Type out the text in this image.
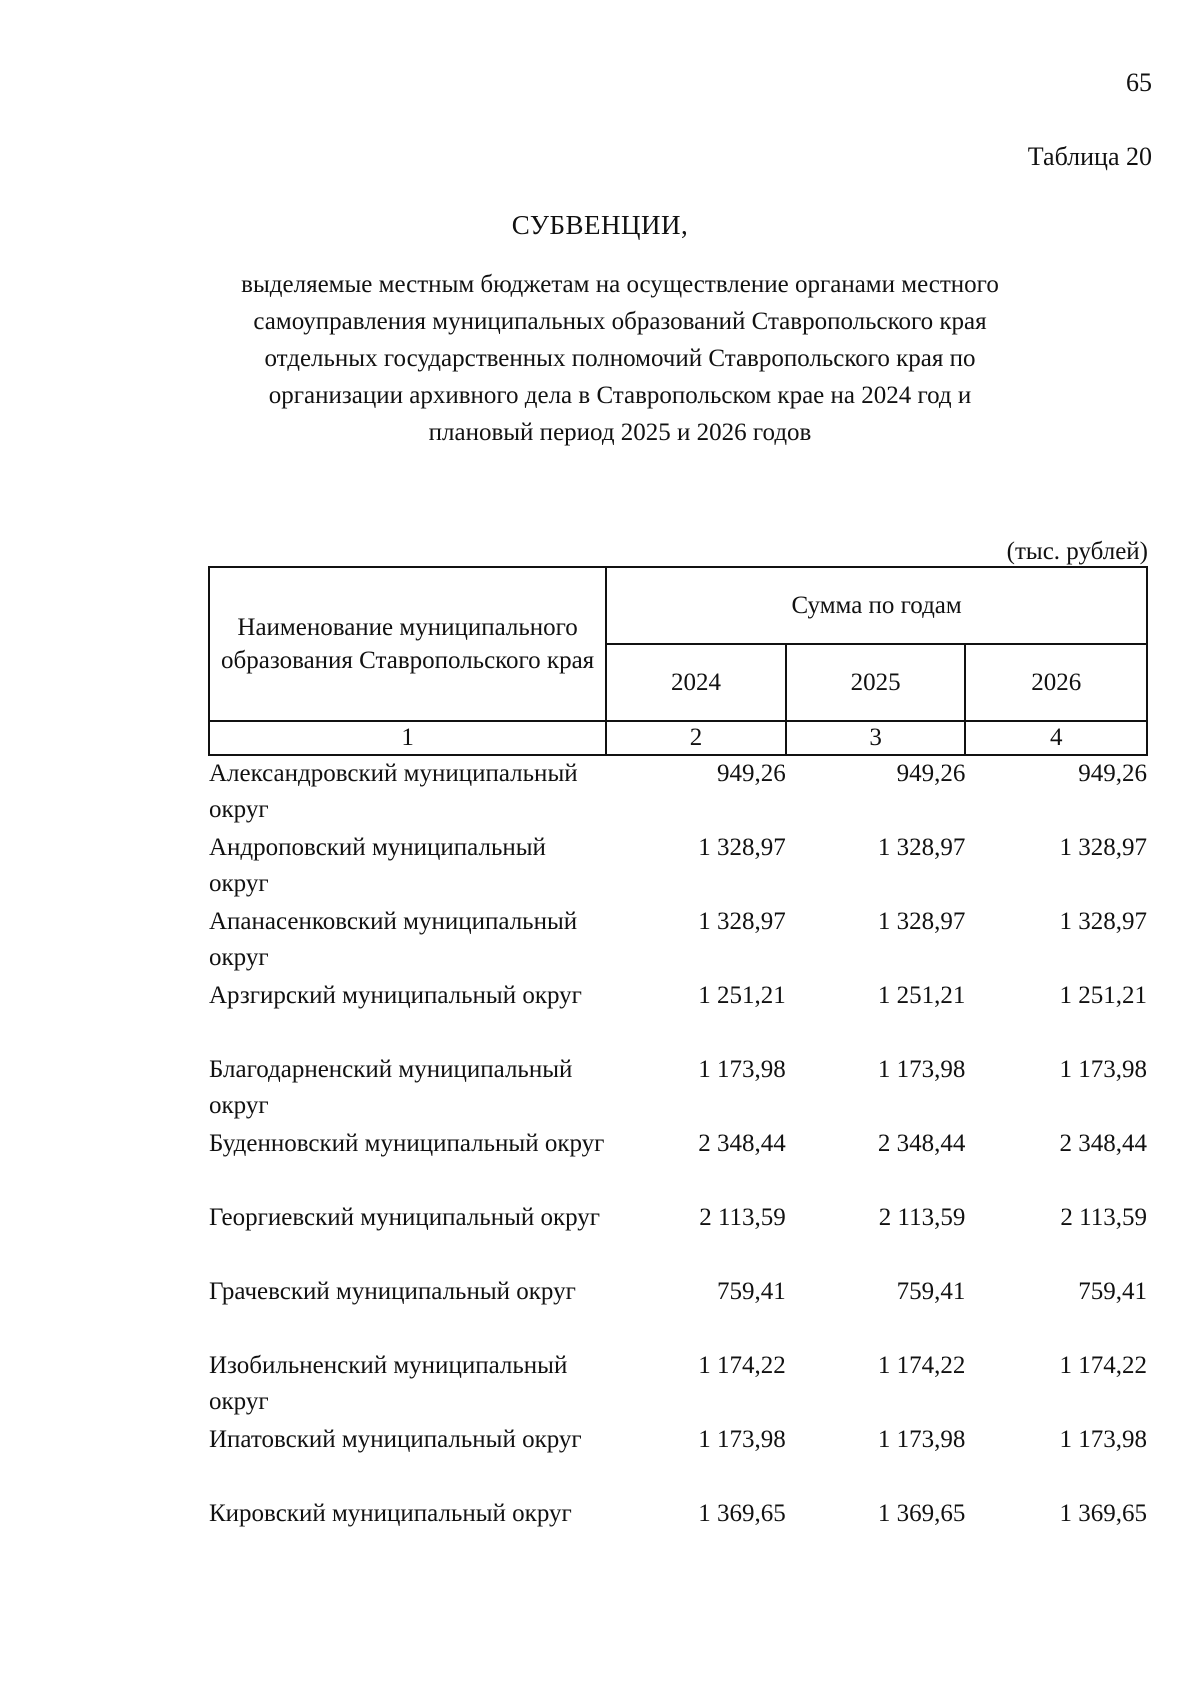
65
Таблица 20
СУБВЕНЦИИ,
выделяемые местным бюджетам на осуществление органами местного
самоуправления муниципальных образований Ставропольского края
отдельных государственных полномочий Ставропольского края по
организации архивного дела в Ставропольском крае на 2024 год и
плановый период 2025 и 2026 годов
(тыс. рублей)
Наименование муниципального образования Ставропольского края	Сумма по годам		
	2024	2025	2026
1	2	3	4
Александровский муниципальный округ	949,26	949,26	949,26
Андроповский муниципальный округ	1 328,97	1 328,97	1 328,97
Апанасенковский муниципальный округ	1 328,97	1 328,97	1 328,97
Арзгирский муниципальный округ	1 251,21	1 251,21	1 251,21
Благодарненский муниципальный округ	1 173,98	1 173,98	1 173,98
Буденновский муниципальный округ	2 348,44	2 348,44	2 348,44
Георгиевский муниципальный округ	2 113,59	2 113,59	2 113,59
Грачевский муниципальный округ	759,41	759,41	759,41
Изобильненский муниципальный округ	1 174,22	1 174,22	1 174,22
Ипатовский муниципальный округ	1 173,98	1 173,98	1 173,98
Кировский муниципальный округ	1 369,65	1 369,65	1 369,65
